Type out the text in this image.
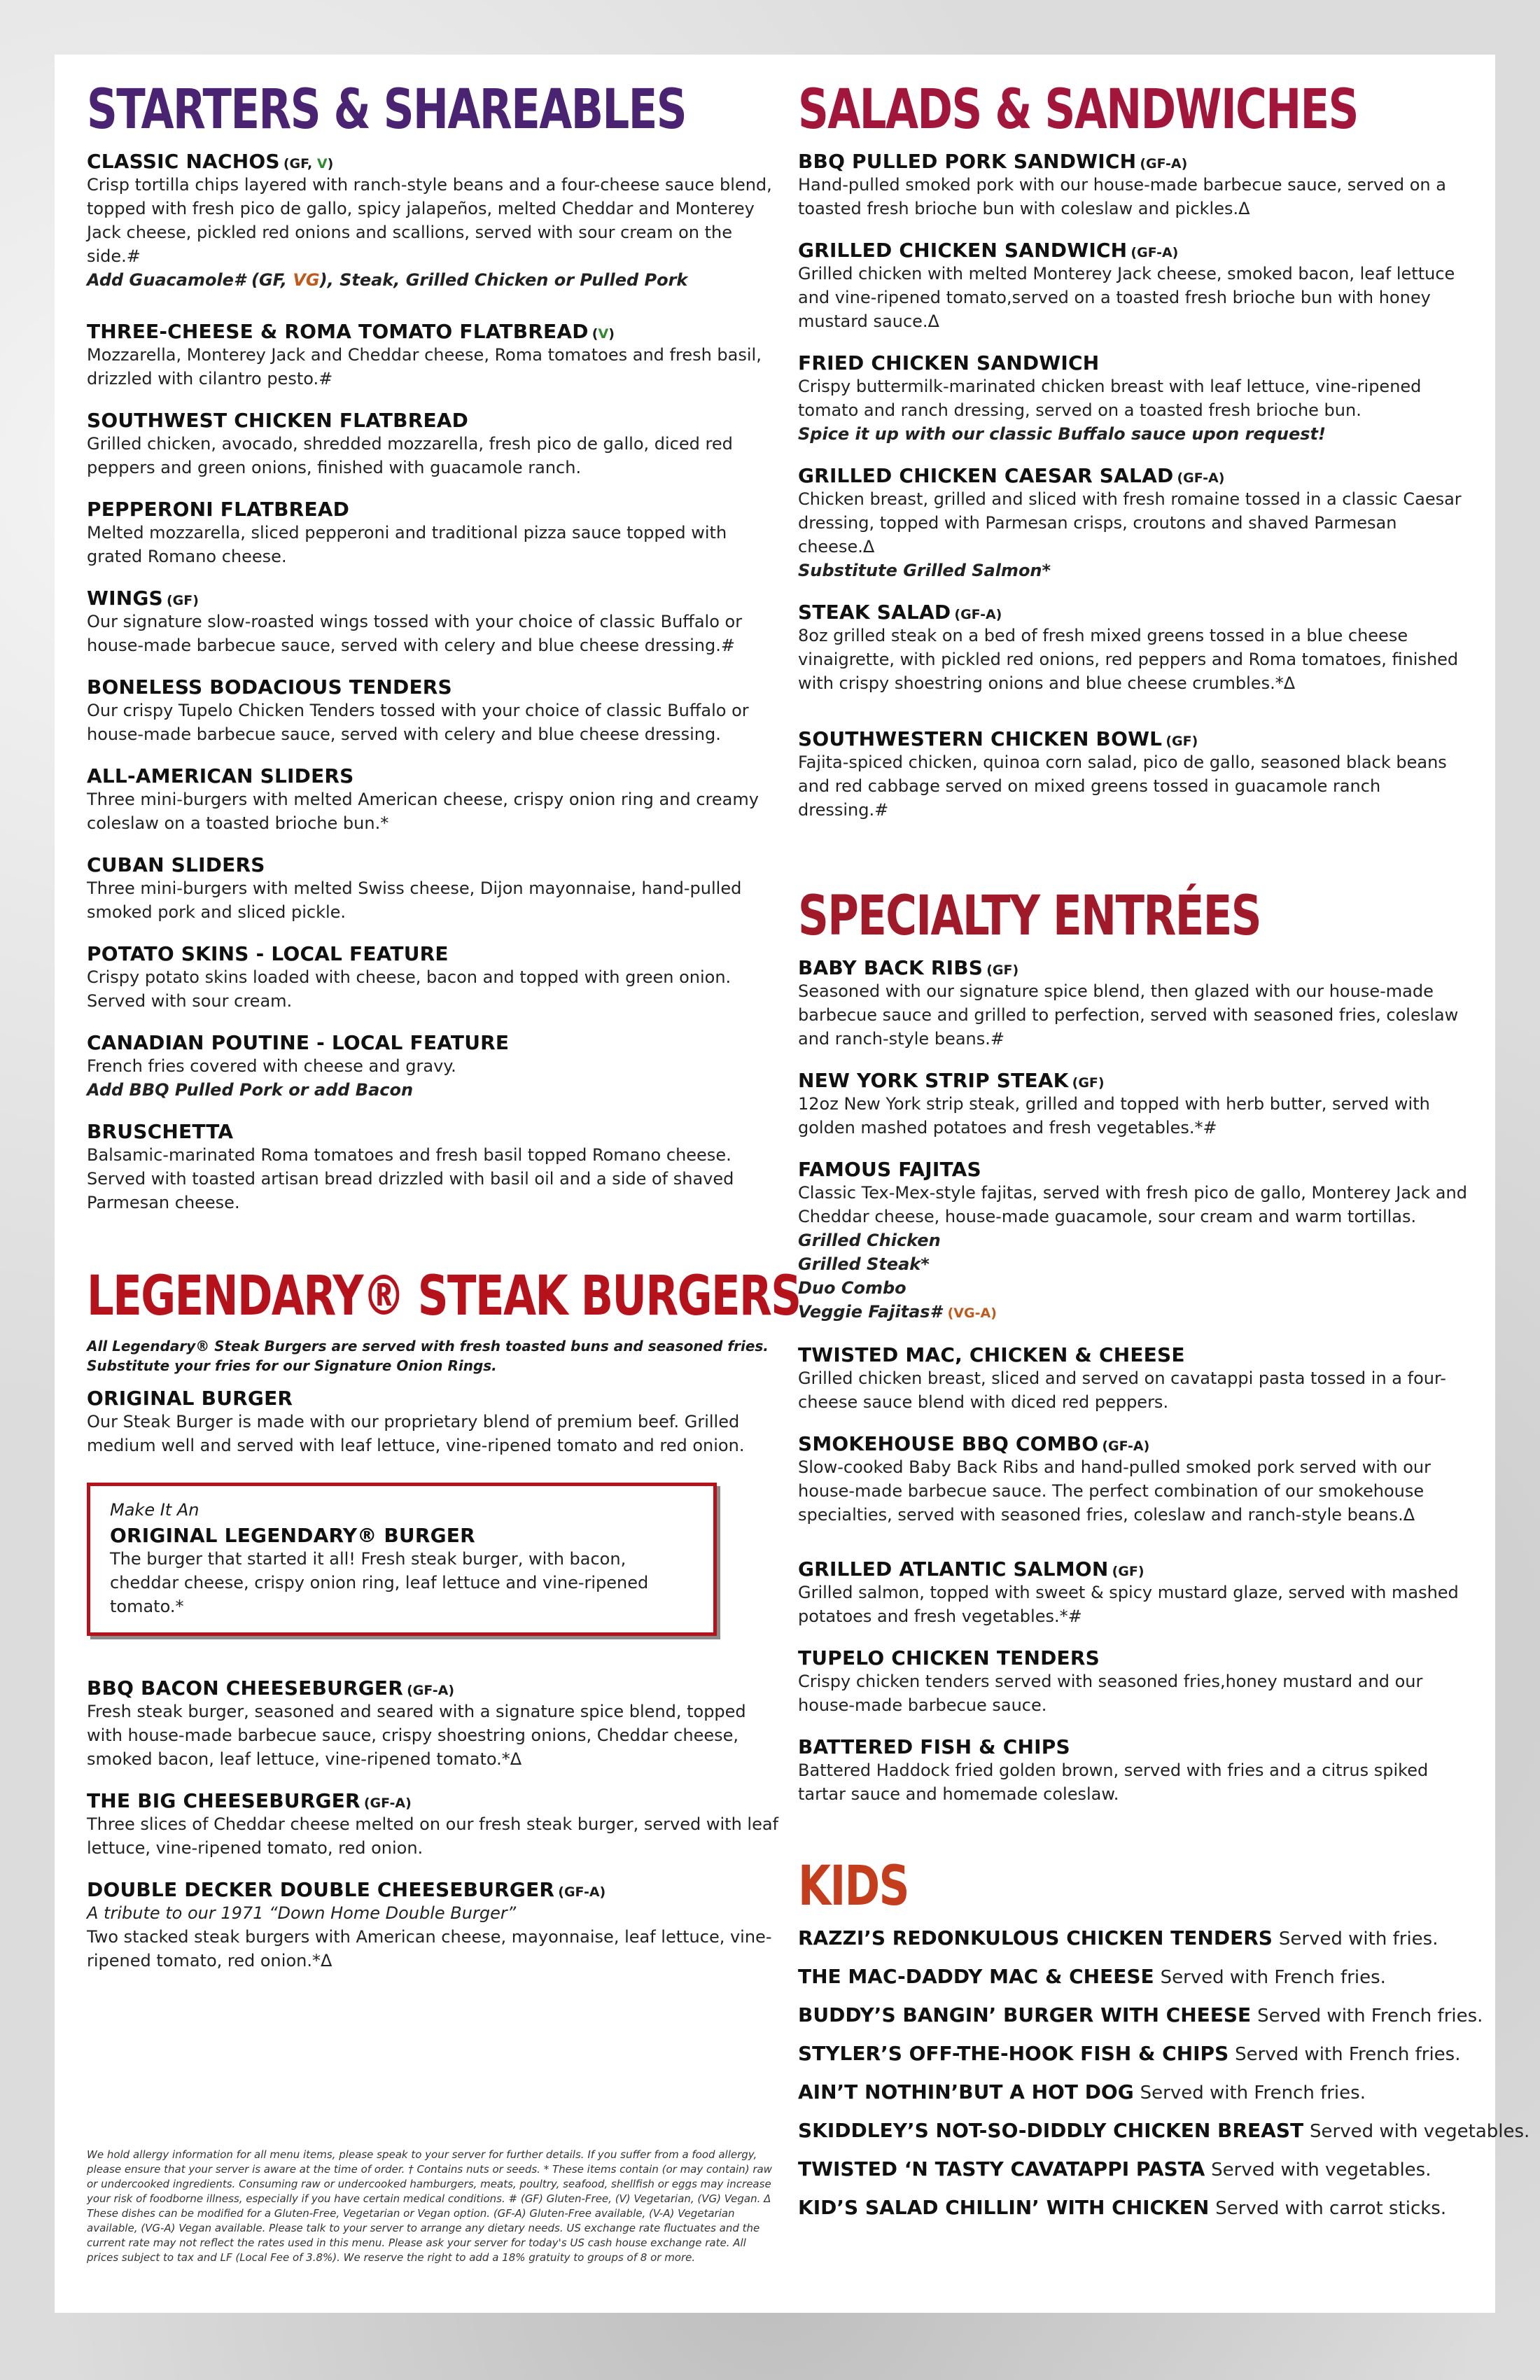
STARTERS & SHAREABLES
CLASSIC NACHOS (GF, V)
Crisp tortilla chips layered with ranch-style beans and a four-cheese sauce blend, topped with fresh pico de gallo, spicy jalapeños, melted Cheddar and Monterey Jack cheese, pickled red onions and scallions, served with sour cream on the side.#
Add Guacamole# (GF, VG), Steak, Grilled Chicken or Pulled Pork
THREE-CHEESE & ROMA TOMATO FLATBREAD (V)
Mozzarella, Monterey Jack and Cheddar cheese, Roma tomatoes and fresh basil, drizzled with cilantro pesto.#
SOUTHWEST CHICKEN FLATBREAD
Grilled chicken, avocado, shredded mozzarella, fresh pico de gallo, diced red peppers and green onions, finished with guacamole ranch.
PEPPERONI FLATBREAD
Melted mozzarella, sliced pepperoni and traditional pizza sauce topped with grated Romano cheese.
WINGS (GF)
Our signature slow-roasted wings tossed with your choice of classic Buffalo or house-made barbecue sauce, served with celery and blue cheese dressing.#
BONELESS BODACIOUS TENDERS
Our crispy Tupelo Chicken Tenders tossed with your choice of classic Buffalo or house-made barbecue sauce, served with celery and blue cheese dressing.
ALL-AMERICAN SLIDERS
Three mini-burgers with melted American cheese, crispy onion ring and creamy coleslaw on a toasted brioche bun.*
CUBAN SLIDERS
Three mini-burgers with melted Swiss cheese, Dijon mayonnaise, hand-pulled smoked pork and sliced pickle.
POTATO SKINS - LOCAL FEATURE
Crispy potato skins loaded with cheese, bacon and topped with green onion. Served with sour cream.
CANADIAN POUTINE - LOCAL FEATURE
French fries covered with cheese and gravy.
Add BBQ Pulled Pork or add Bacon
BRUSCHETTA
Balsamic-marinated Roma tomatoes and fresh basil topped Romano cheese. Served with toasted artisan bread drizzled with basil oil and a side of shaved Parmesan cheese.
LEGENDARY® STEAK BURGERS
All Legendary® Steak Burgers are served with fresh toasted buns and seasoned fries. Substitute your fries for our Signature Onion Rings.
ORIGINAL BURGER
Our Steak Burger is made with our proprietary blend of premium beef. Grilled medium well and served with leaf lettuce, vine-ripened tomato and red onion.
Make It An
ORIGINAL LEGENDARY® BURGER
The burger that started it all! Fresh steak burger, with bacon, cheddar cheese, crispy onion ring, leaf lettuce and vine-ripened tomato.*
BBQ BACON CHEESEBURGER (GF-A)
Fresh steak burger, seasoned and seared with a signature spice blend, topped with house-made barbecue sauce, crispy shoestring onions, Cheddar cheese, smoked bacon, leaf lettuce, vine-ripened tomato.*Δ
THE BIG CHEESEBURGER (GF-A)
Three slices of Cheddar cheese melted on our fresh steak burger, served with leaf lettuce, vine-ripened tomato, red onion.
DOUBLE DECKER DOUBLE CHEESEBURGER (GF-A)
A tribute to our 1971 “Down Home Double Burger”
Two stacked steak burgers with American cheese, mayonnaise, leaf lettuce, vine-ripened tomato, red onion.*Δ
We hold allergy information for all menu items, please speak to your server for further details. If you suffer from a food allergy, please ensure that your server is aware at the time of order. † Contains nuts or seeds. * These items contain (or may contain) raw or undercooked ingredients. Consuming raw or undercooked hamburgers, meats, poultry, seafood, shellfish or eggs may increase your risk of foodborne illness, especially if you have certain medical conditions. # (GF) Gluten-Free, (V) Vegetarian, (VG) Vegan. Δ These dishes can be modified for a Gluten-Free, Vegetarian or Vegan option. (GF-A) Gluten-Free available, (V-A) Vegetarian available, (VG-A) Vegan available. Please talk to your server to arrange any dietary needs. US exchange rate fluctuates and the current rate may not reflect the rates used in this menu. Please ask your server for today's US cash house exchange rate. All prices subject to tax and LF (Local Fee of 3.8%). We reserve the right to add a 18% gratuity to groups of 8 or more.
SALADS & SANDWICHES
BBQ PULLED PORK SANDWICH (GF-A)
Hand-pulled smoked pork with our house-made barbecue sauce, served on a toasted fresh brioche bun with coleslaw and pickles.Δ
GRILLED CHICKEN SANDWICH (GF-A)
Grilled chicken with melted Monterey Jack cheese, smoked bacon, leaf lettuce and vine-ripened tomato,served on a toasted fresh brioche bun with honey mustard sauce.Δ
FRIED CHICKEN SANDWICH
Crispy buttermilk-marinated chicken breast with leaf lettuce, vine-ripened tomato and ranch dressing, served on a toasted fresh brioche bun.
Spice it up with our classic Buffalo sauce upon request!
GRILLED CHICKEN CAESAR SALAD (GF-A)
Chicken breast, grilled and sliced with fresh romaine tossed in a classic Caesar dressing, topped with Parmesan crisps, croutons and shaved Parmesan cheese.Δ
Substitute Grilled Salmon*
STEAK SALAD (GF-A)
8oz grilled steak on a bed of fresh mixed greens tossed in a blue cheese vinaigrette, with pickled red onions, red peppers and Roma tomatoes, finished with crispy shoestring onions and blue cheese crumbles.*Δ
SOUTHWESTERN CHICKEN BOWL (GF)
Fajita-spiced chicken, quinoa corn salad, pico de gallo, seasoned black beans and red cabbage served on mixed greens tossed in guacamole ranch dressing.#
SPECIALTY ENTRÉES
BABY BACK RIBS (GF)
Seasoned with our signature spice blend, then glazed with our house-made barbecue sauce and grilled to perfection, served with seasoned fries, coleslaw and ranch-style beans.#
NEW YORK STRIP STEAK (GF)
12oz New York strip steak, grilled and topped with herb butter, served with golden mashed potatoes and fresh vegetables.*#
FAMOUS FAJITAS
Classic Tex-Mex-style fajitas, served with fresh pico de gallo, Monterey Jack and Cheddar cheese, house-made guacamole, sour cream and warm tortillas.
Grilled Chicken
Grilled Steak*
Duo Combo
Veggie Fajitas# (VG-A)
TWISTED MAC, CHICKEN & CHEESE
Grilled chicken breast, sliced and served on cavatappi pasta tossed in a four-cheese sauce blend with diced red peppers.
SMOKEHOUSE BBQ COMBO (GF-A)
Slow-cooked Baby Back Ribs and hand-pulled smoked pork served with our house-made barbecue sauce. The perfect combination of our smokehouse specialties, served with seasoned fries, coleslaw and ranch-style beans.Δ
GRILLED ATLANTIC SALMON (GF)
Grilled salmon, topped with sweet & spicy mustard glaze, served with mashed potatoes and fresh vegetables.*#
TUPELO CHICKEN TENDERS
Crispy chicken tenders served with seasoned fries,honey mustard and our house-made barbecue sauce.
BATTERED FISH & CHIPS
Battered Haddock fried golden brown, served with fries and a citrus spiked tartar sauce and homemade coleslaw.
KIDS
RAZZI’S REDONKULOUS CHICKEN TENDERS Served with fries.
THE MAC-DADDY MAC & CHEESE Served with French fries.
BUDDY’S BANGIN’ BURGER WITH CHEESE Served with French fries.
STYLER’S OFF-THE-HOOK FISH & CHIPS Served with French fries.
AIN’T NOTHIN’BUT A HOT DOG Served with French fries.
SKIDDLEY’S NOT-SO-DIDDLY CHICKEN BREAST Served with vegetables.
TWISTED ‘N TASTY CAVATAPPI PASTA Served with vegetables.
KID’S SALAD CHILLIN’ WITH CHICKEN Served with carrot sticks.
